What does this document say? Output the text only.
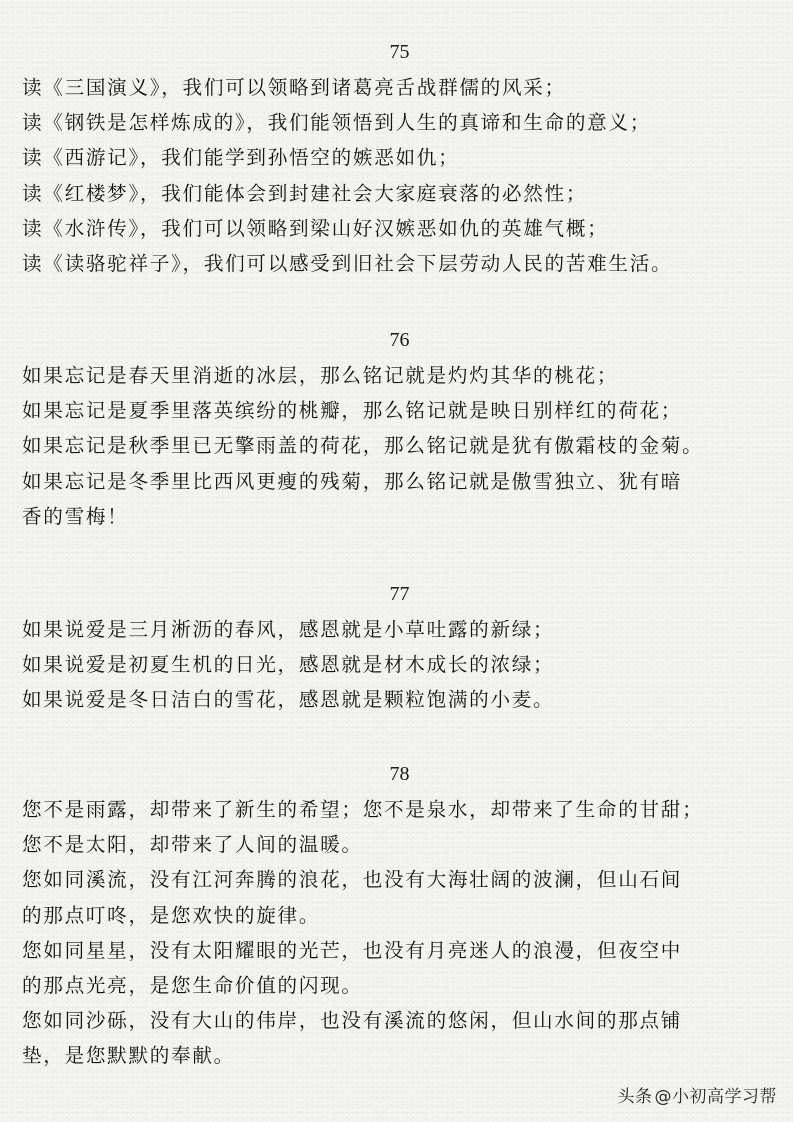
75
读《三国演义》，我们可以领略到诸葛亮舌战群儒的风采；
读《钢铁是怎样炼成的》，我们能领悟到人生的真谛和生命的意义；
读《西游记》，我们能学到孙悟空的嫉恶如仇；
读《红楼梦》，我们能体会到封建社会大家庭衰落的必然性；
读《水浒传》，我们可以领略到梁山好汉嫉恶如仇的英雄气概；
读《读骆驼祥子》，我们可以感受到旧社会下层劳动人民的苦难生活。
76
如果忘记是春天里消逝的冰层，那么铭记就是灼灼其华的桃花；
如果忘记是夏季里落英缤纷的桃瓣，那么铭记就是映日别样红的荷花；
如果忘记是秋季里已无擎雨盖的荷花，那么铭记就是犹有傲霜枝的金菊。
如果忘记是冬季里比西风更瘦的残菊，那么铭记就是傲雪独立、犹有暗
香的雪梅！
77
如果说爱是三月淅沥的春风，感恩就是小草吐露的新绿；
如果说爱是初夏生机的日光，感恩就是材木成长的浓绿；
如果说爱是冬日洁白的雪花，感恩就是颗粒饱满的小麦。
78
您不是雨露，却带来了新生的希望；您不是泉水，却带来了生命的甘甜；
您不是太阳，却带来了人间的温暖。
您如同溪流，没有江河奔腾的浪花，也没有大海壮阔的波澜，但山石间
的那点叮咚，是您欢快的旋律。
您如同星星，没有太阳耀眼的光芒，也没有月亮迷人的浪漫，但夜空中
的那点光亮，是您生命价值的闪现。
您如同沙砾，没有大山的伟岸，也没有溪流的悠闲，但山水间的那点铺
垫，是您默默的奉献。
头条 @小初高学习帮
